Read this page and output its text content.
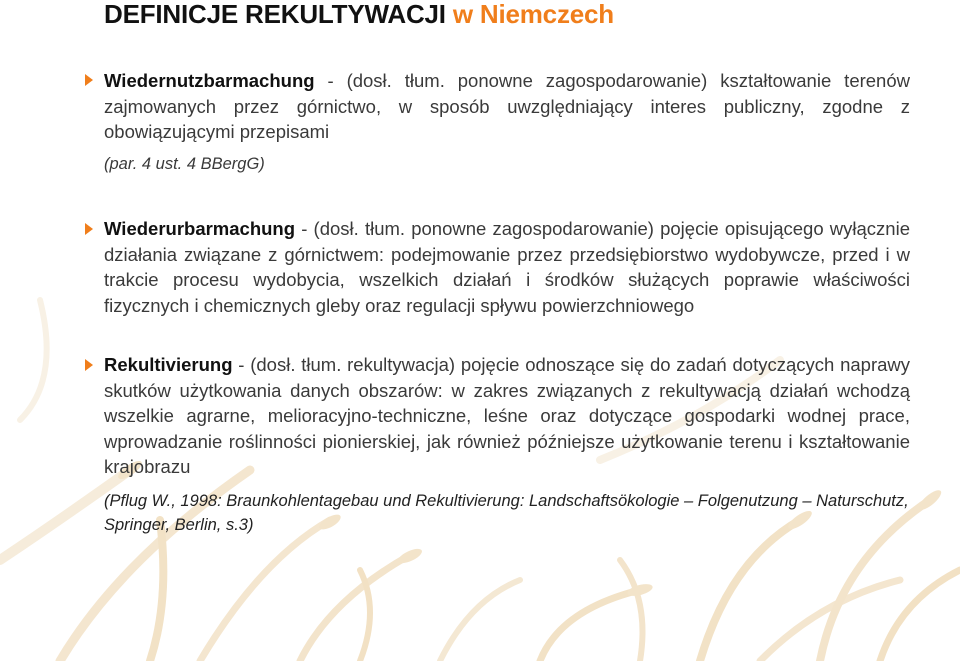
DEFINICJE REKULTYWACJI w Niemczech

Wiedernutzbarmachung - (dosł. tłum. ponowne zagospodarowanie) kształtowanie terenów zajmowanych przez górnictwo, w sposób uwzględniający interes publiczny, zgodne z obowiązującymi przepisami

(par. 4 ust. 4 BBergG)

Wiederurbarmachung - (dosł. tłum. ponowne zagospodarowanie) pojęcie opisującego wyłącznie działania związane z górnictwem: podejmowanie przez przedsiębiorstwo wydobywcze, przed i w trakcie procesu wydobycia, wszelkich działań i środków służących poprawie właściwości fizycznych i chemicznych gleby oraz regulacji spływu powierzchniowego

Rekultivierung - (dosł. tłum. rekultywacja) pojęcie odnoszące się do zadań dotyczących naprawy skutków użytkowania danych obszarów: w zakres związanych z rekultywacją działań wchodzą wszelkie agrarne, melioracyjno-techniczne, leśne oraz dotyczące gospodarki wodnej prace, wprowadzanie roślinności pionierskiej, jak również późniejsze użytkowanie terenu i kształtowanie krajobrazu

(Pflug W., 1998: Braunkohlentagebau und Rekultivierung: Landschaftsökologie – Folgenutzung – Naturschutz, Springer, Berlin, s.3)
